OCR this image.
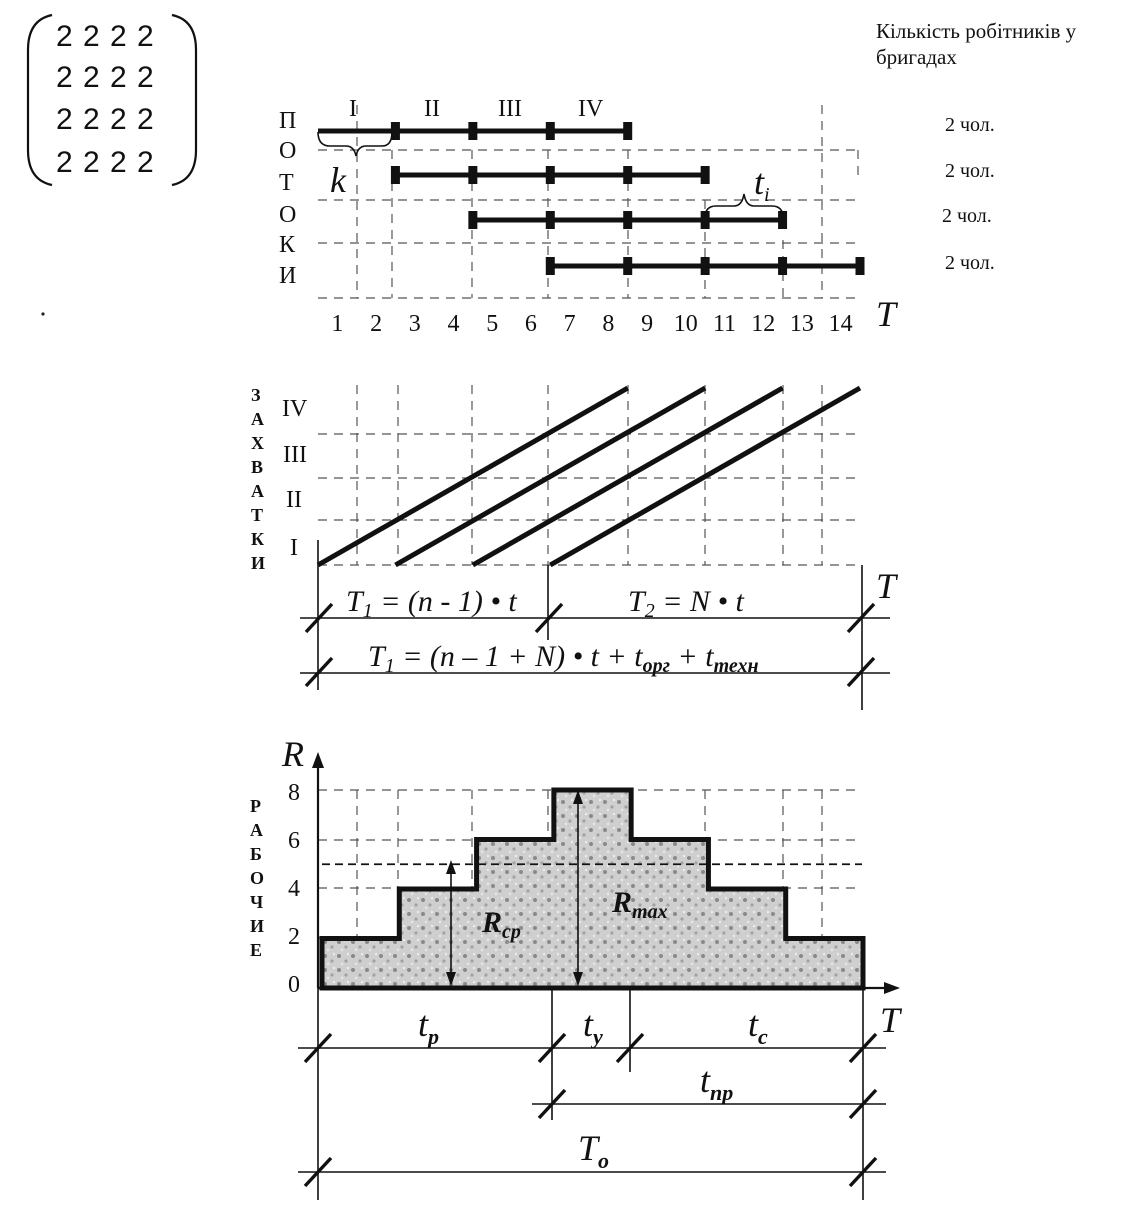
2 2 2 2
2 2 2 2
2 2 2 2
2 2 2 2
Кількість робітників у бригадах
2 чол.
2 чол.
2 чол.
2 чол.
П
О
Т
О
К
И
I	II III IV
k	ti
1 2 3 4 5 6 7 8 9 10 11 12 13 14 T
З
А
Х
В
А
Т
К
И
IV
III
II
I
$T_1 = (n - 1)$ • t	$T_2 = N$ • t
$T_1 = (n - 1 + N)$ • $t + t_{орг} + t_{техн}$
T
Р
А
Б
О
Ч
И
Е
8
6
4
2
0
R
T
$R_{ср}$
$R_{max}$
$t_р$	$t_у$	$t_с$
$t_{пр}$
$T_o$
